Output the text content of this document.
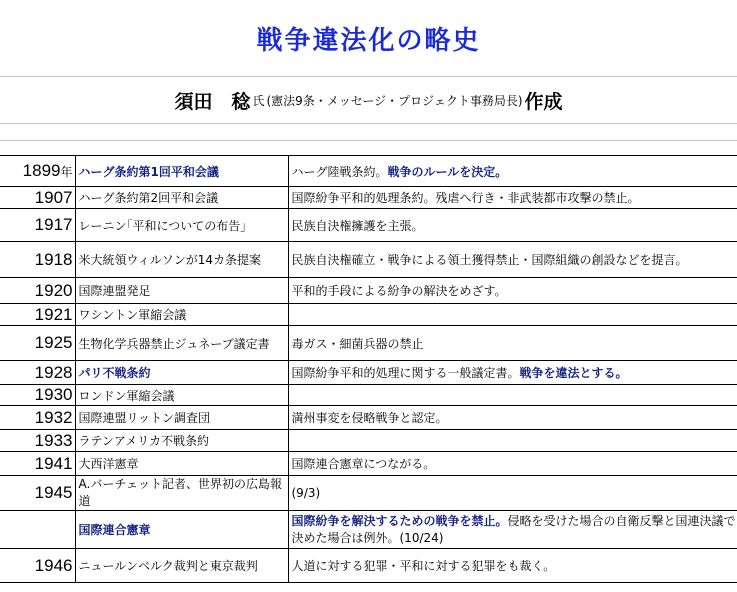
戦争違法化の略史
須田　稔 氏 (憲法9条・メッセージ・プロジェクト事務局長) 作成
1899年	ハーグ条約第1回平和会議	ハーグ陸戦条約。戦争のルールを決定。
1907	ハーグ条約第2回平和会議	国際紛争平和的処理条約。残虐へ行き・非武装都市攻撃の禁止。
1917	レーニン｢平和についての布告｣	民族自決権擁護を主張。
1918	米大統領ウィルソンが14カ条提案	民族自決権確立・戦争による領土獲得禁止・国際組織の創設などを提言。
1920	国際連盟発足	平和的手段による紛争の解決をめざす。
1921	ワシントン軍縮会議	
1925	生物化学兵器禁止ジュネーブ議定書	毒ガス・細菌兵器の禁止
1928	パリ不戦条約	国際紛争平和的処理に関する一般議定書。戦争を違法とする。
1930	ロンドン軍縮会議	
1932	国際連盟リットン調査団	満州事変を侵略戦争と認定。
1933	ラテンアメリカ不戦条約	
1941	大西洋憲章	国際連合憲章につながる。
1945	A.バーチェット記者、世界初の広島報道	(9/3)
	国際連合憲章	国際紛争を解決するための戦争を禁止。侵略を受けた場合の自衛反撃と国連決議で決めた場合は例外。(10/24)
1946	ニュールンベルク裁判と東京裁判	人道に対する犯罪・平和に対する犯罪をも裁く。
